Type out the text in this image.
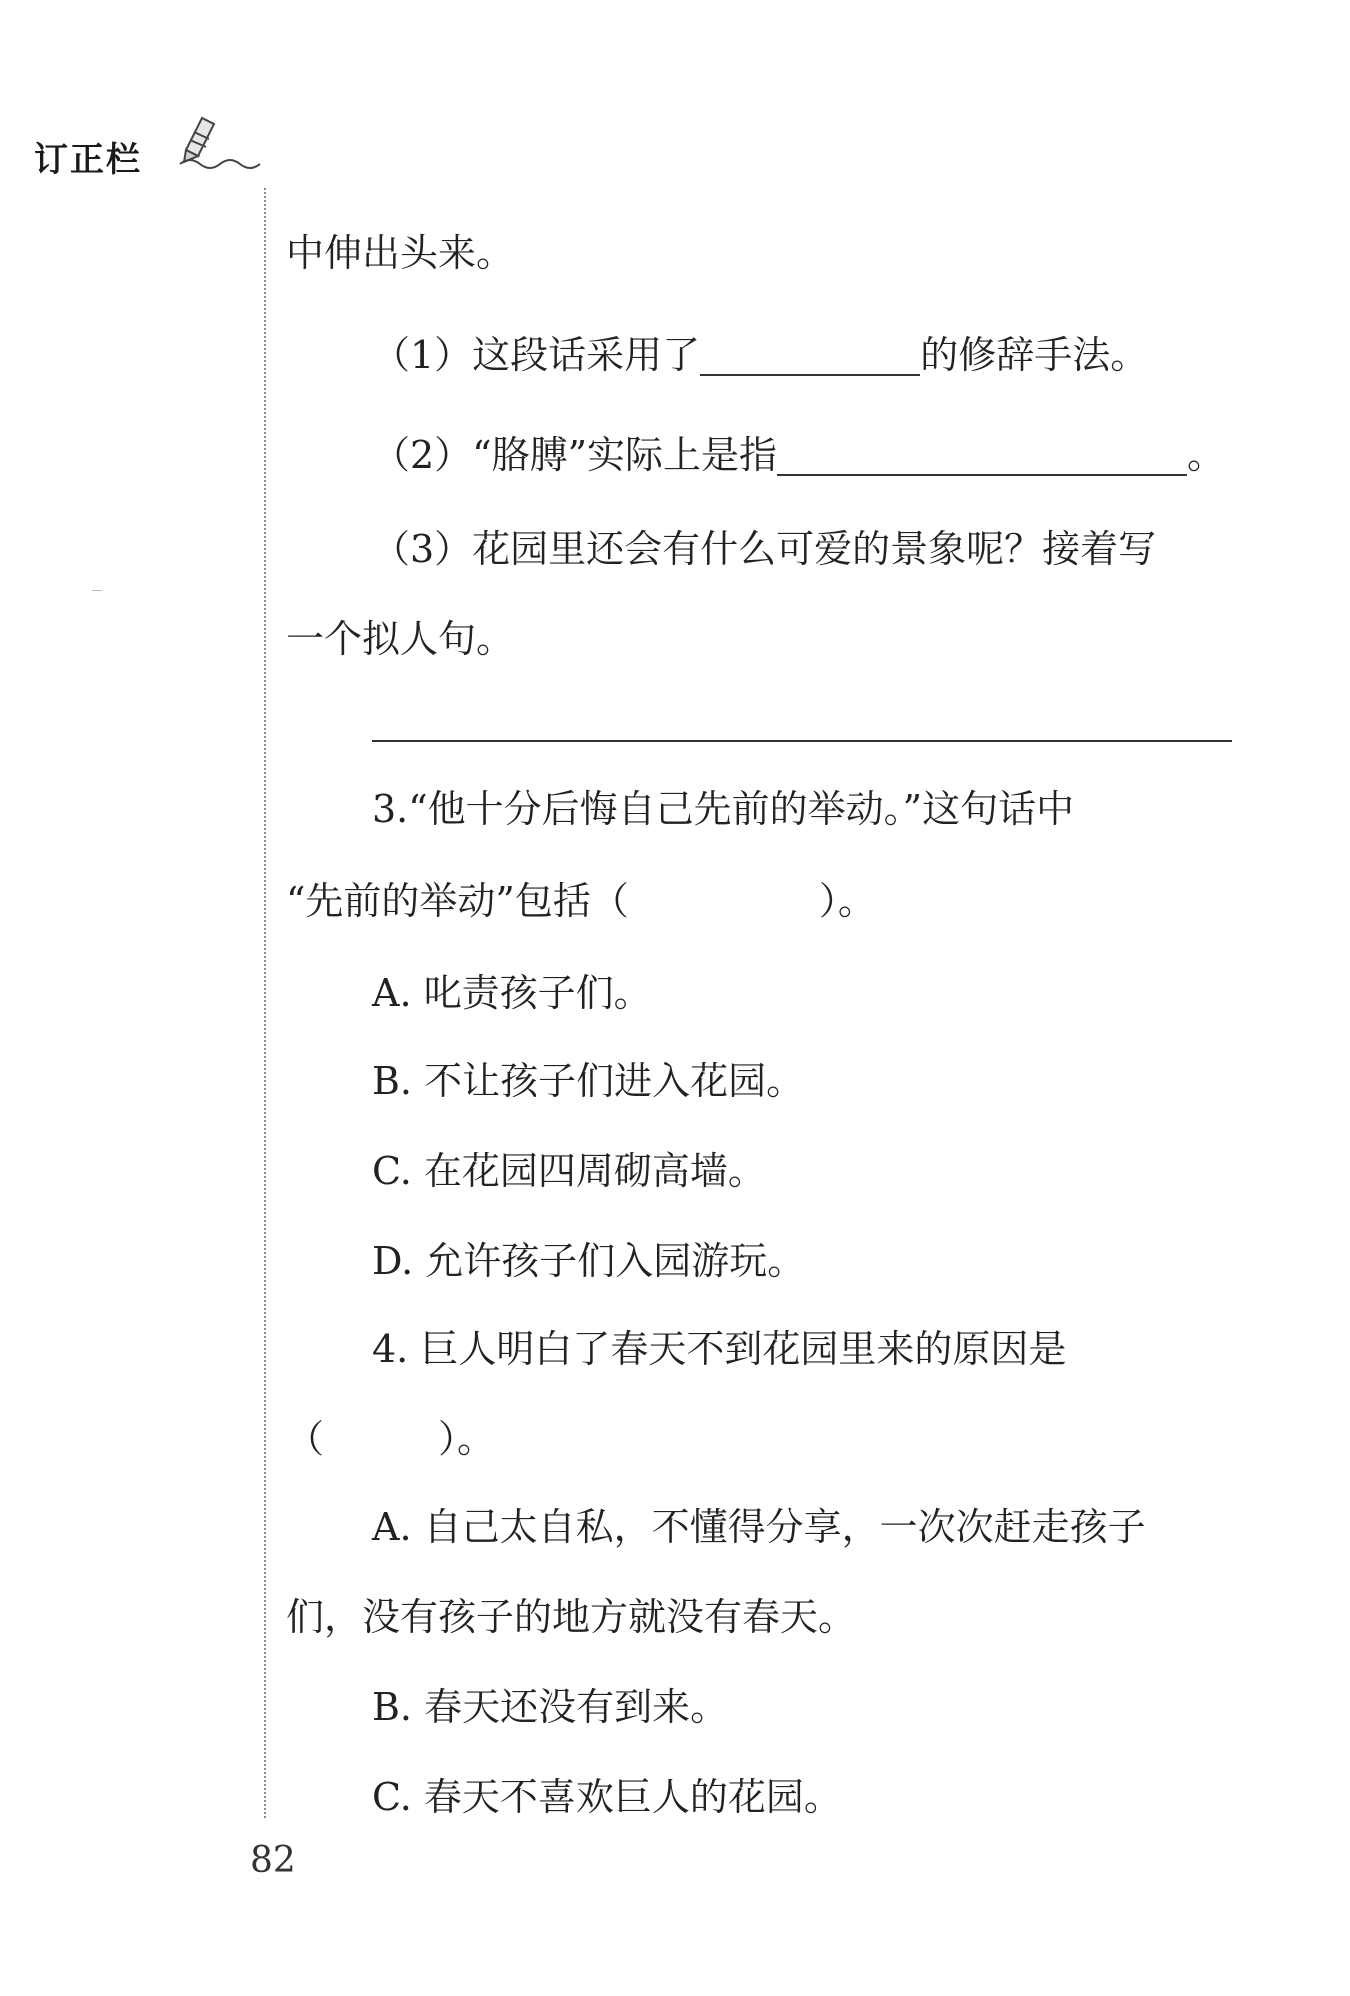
订正栏
中伸出头来。
（1）这段话采用了	的修辞手法。
（2）“胳膊”实际上是指	。
（3）花园里还会有什么可爱的景象呢？接着写
一个拟人句。
3.“他十分后悔自己先前的举动。”这句话中
“先前的举动”包括（　　　　　）。
A. 叱责孩子们。
B. 不让孩子们进入花园。
C. 在花园四周砌高墙。
D. 允许孩子们入园游玩。
4. 巨人明白了春天不到花园里来的原因是
（　　　）。
A. 自己太自私，不懂得分享，一次次赶走孩子
们，没有孩子的地方就没有春天。
B. 春天还没有到来。
C. 春天不喜欢巨人的花园。
82
